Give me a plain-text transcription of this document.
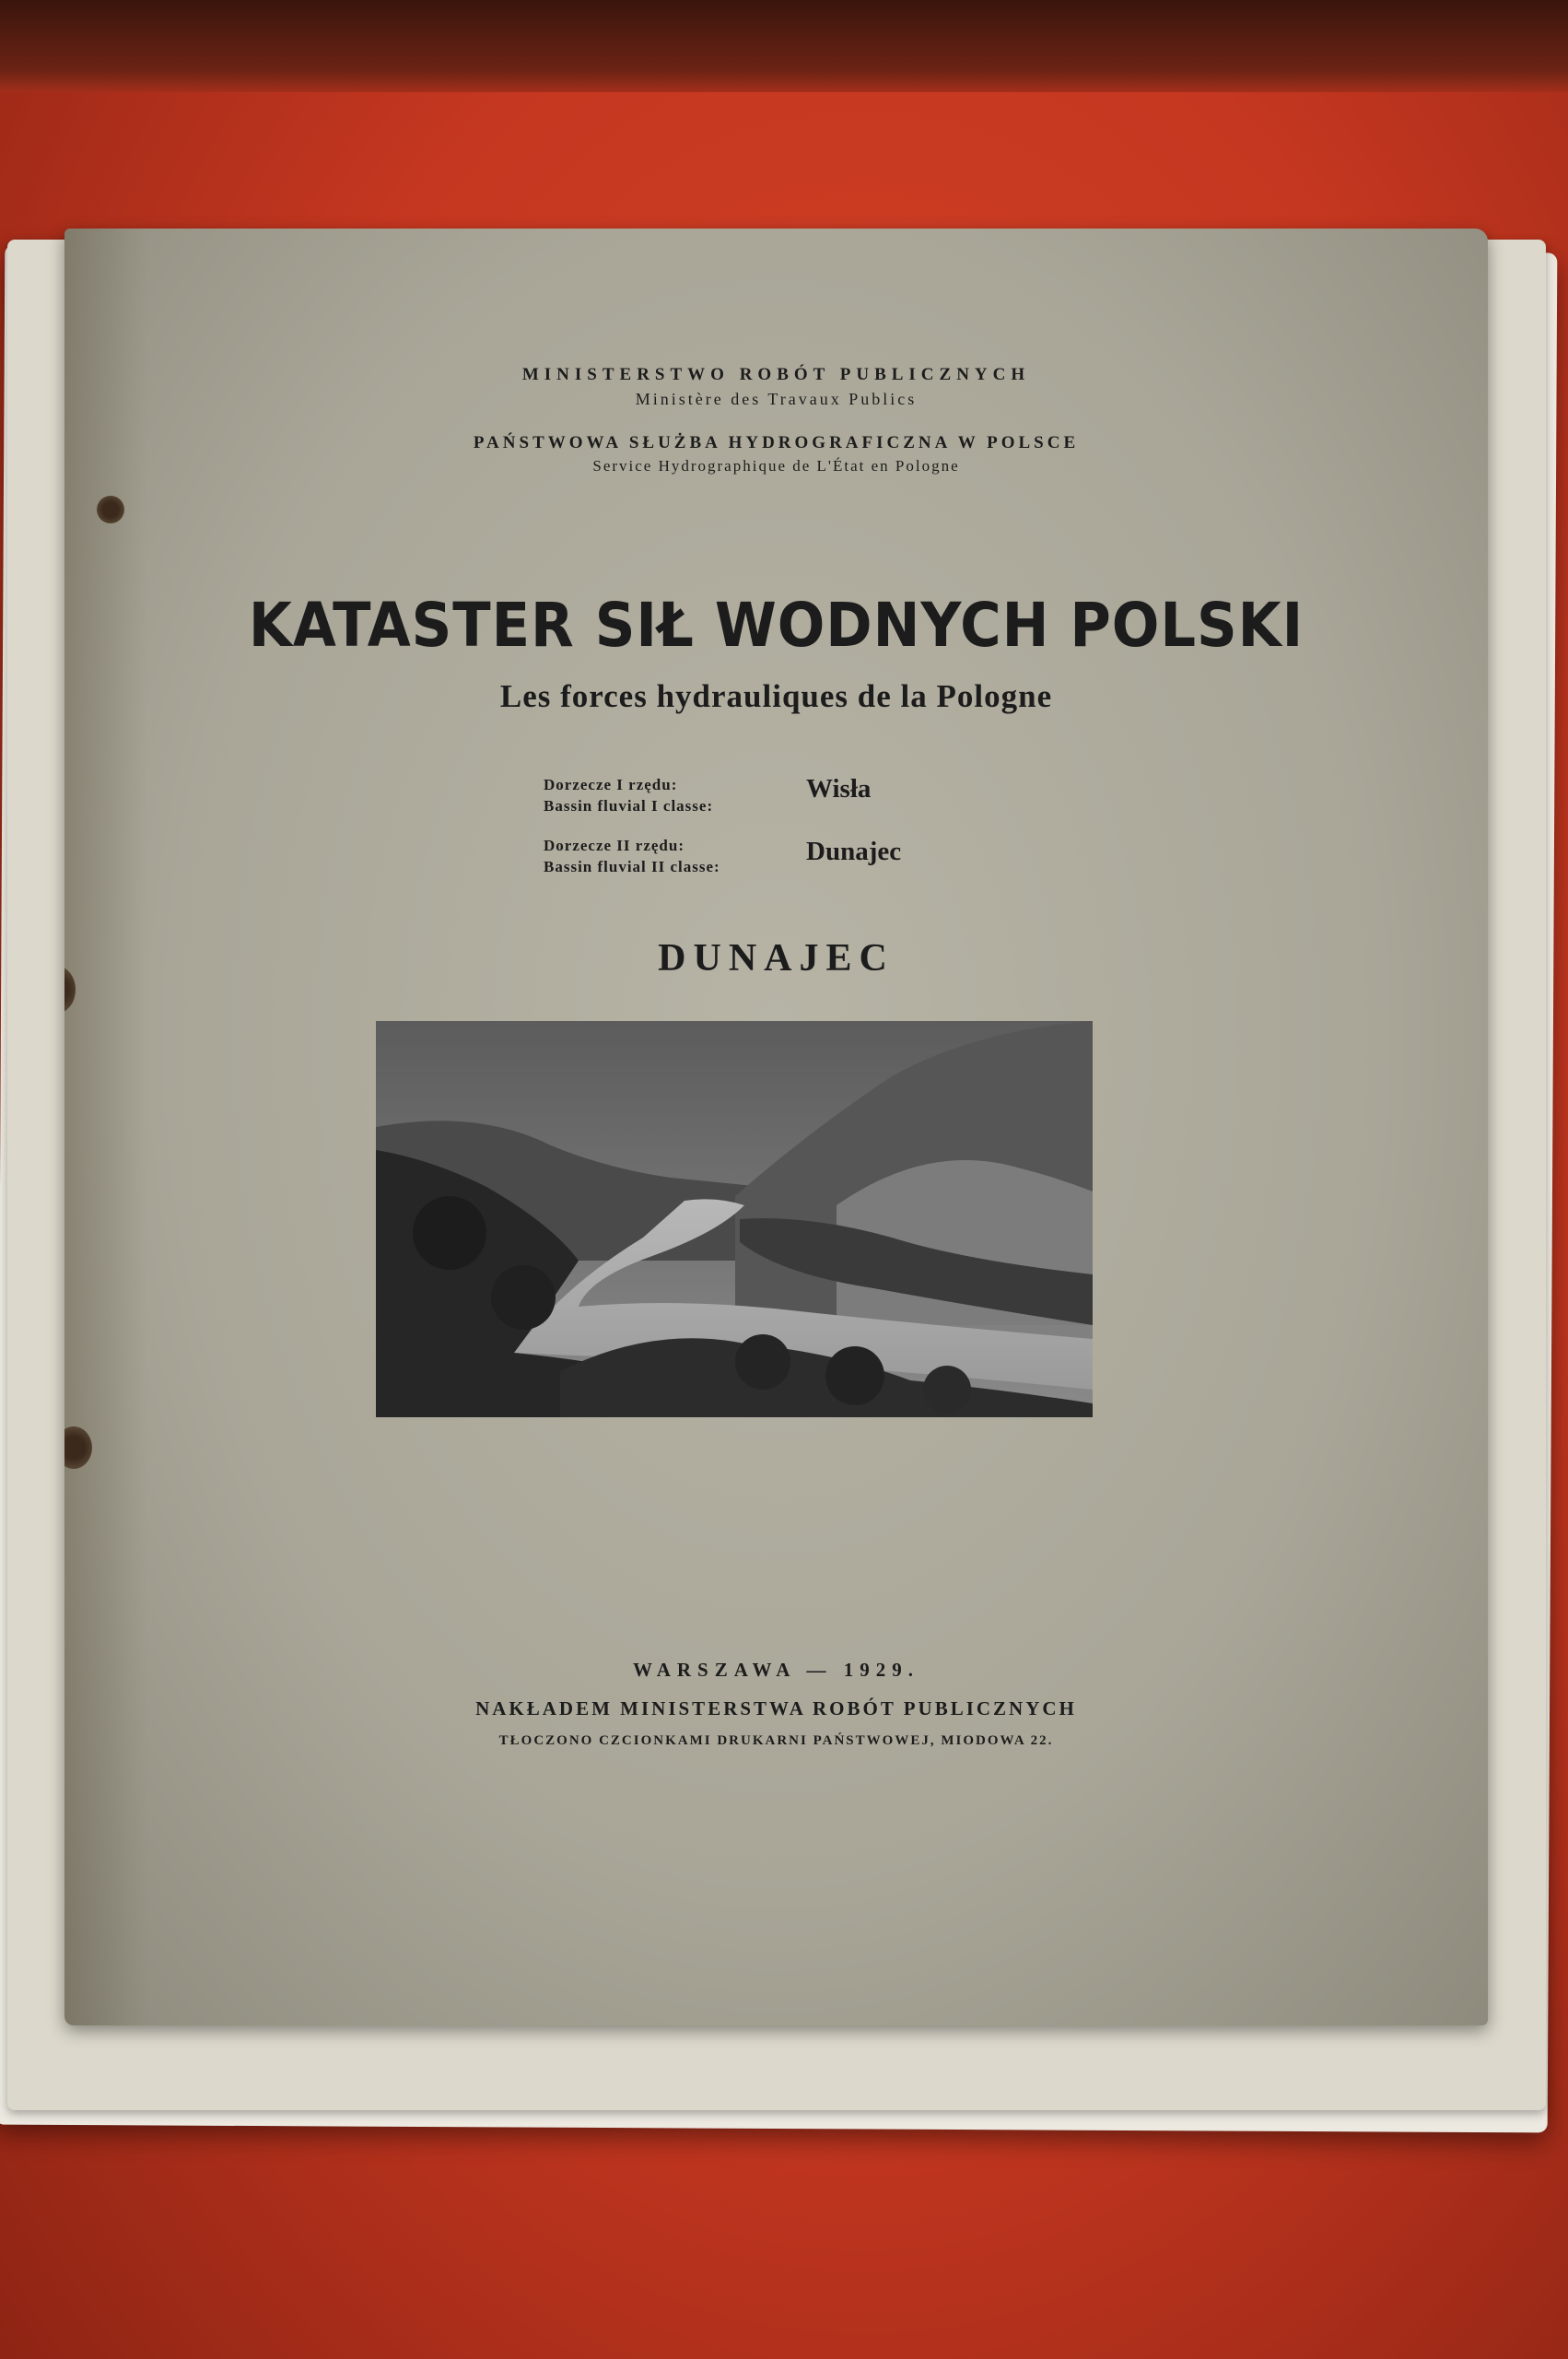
MINISTERSTWO ROBÓT PUBLICZNYCH
Ministère des Travaux Publics
PAŃSTWOWA SŁUŻBA HYDROGRAFICZNA W POLSCE
Service Hydrographique de L'État en Pologne
KATASTER SIŁ WODNYCH POLSKI
Les forces hydrauliques de la Pologne
Dorzecze I rzędu:
Bassin fluvial I classe:
Wisła
Dorzecze II rzędu:
Bassin fluvial II classe:
Dunajec
DUNAJEC
WARSZAWA — 1929.
NAKŁADEM MINISTERSTWA ROBÓT PUBLICZNYCH
TŁOCZONO CZCIONKAMI DRUKARNI PAŃSTWOWEJ, MIODOWA 22.
